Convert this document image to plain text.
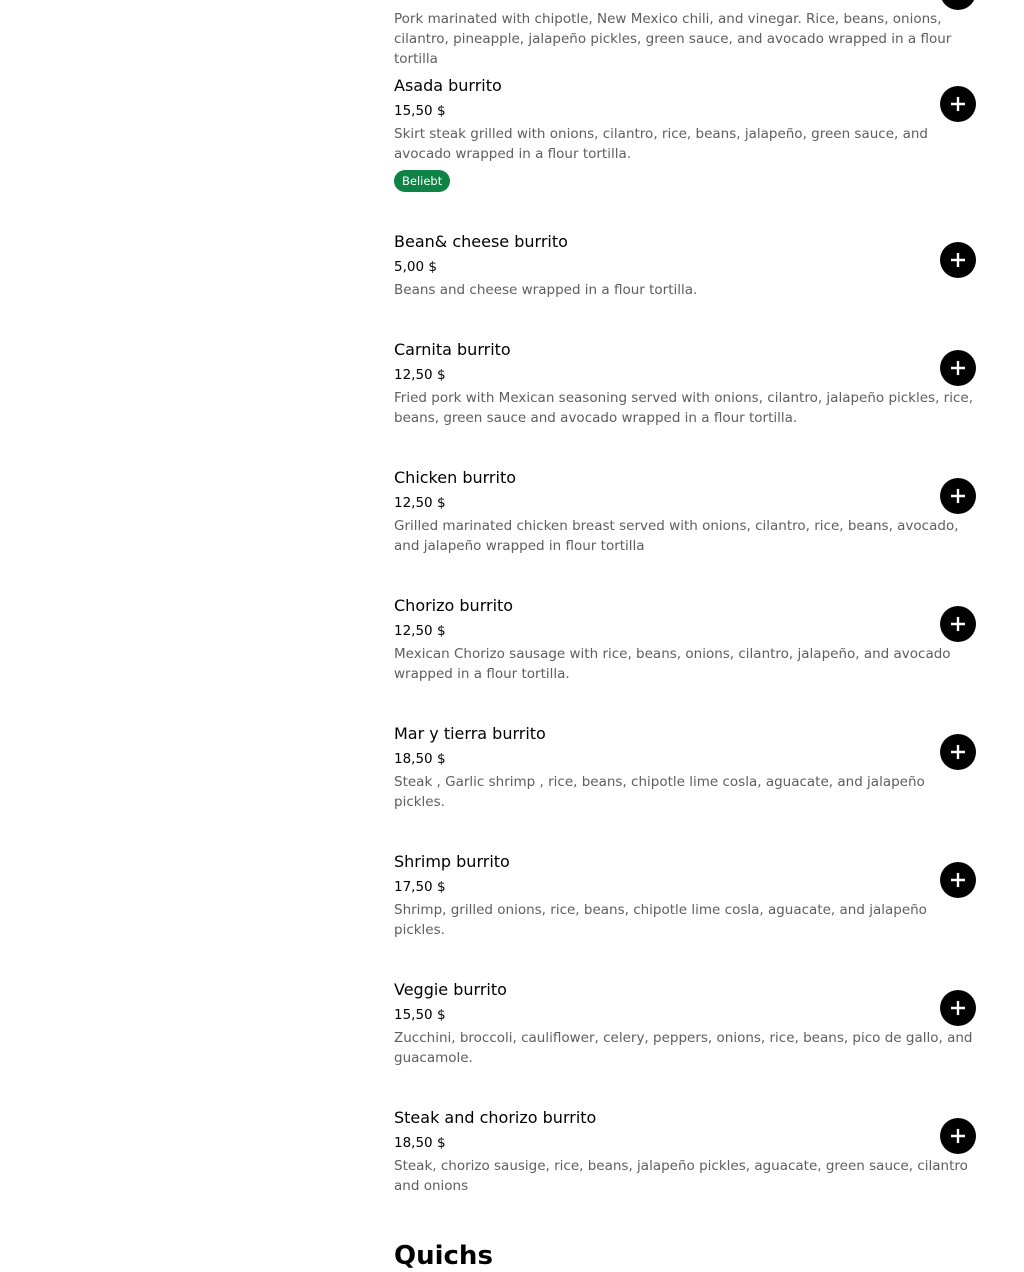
Pork marinated with chipotle, New Mexico chili, and vinegar. Rice, beans, onions, cilantro, pineapple, jalapeño pickles, green sauce, and avocado wrapped in a flour tortilla
Asada burrito
15,50 $
Skirt steak grilled with onions, cilantro, rice, beans, jalapeño, green sauce, and avocado wrapped in a flour tortilla.
Beliebt
Bean& cheese burrito
5,00 $
Beans and cheese wrapped in a flour tortilla.
Carnita burrito
12,50 $
Fried pork with Mexican seasoning served with onions, cilantro, jalapeño pickles, rice, beans, green sauce and avocado wrapped in a flour tortilla.
Chicken burrito
12,50 $
Grilled marinated chicken breast served with onions, cilantro, rice, beans, avocado, and jalapeño wrapped in flour tortilla
Chorizo burrito
12,50 $
Mexican Chorizo sausage with rice, beans, onions, cilantro, jalapeño, and avocado wrapped in a flour tortilla.
Mar y tierra burrito
18,50 $
Steak , Garlic shrimp , rice, beans, chipotle lime cosla, aguacate, and jalapeño pickles.
Shrimp burrito
17,50 $
Shrimp, grilled onions, rice, beans, chipotle lime cosla, aguacate, and jalapeño pickles.
Veggie burrito
15,50 $
Zucchini, broccoli, cauliflower, celery, peppers, onions, rice, beans, pico de gallo, and guacamole.
Steak and chorizo burrito
18,50 $
Steak, chorizo sausige, rice, beans, jalapeño pickles, aguacate, green sauce, cilantro and onions
Quichs
